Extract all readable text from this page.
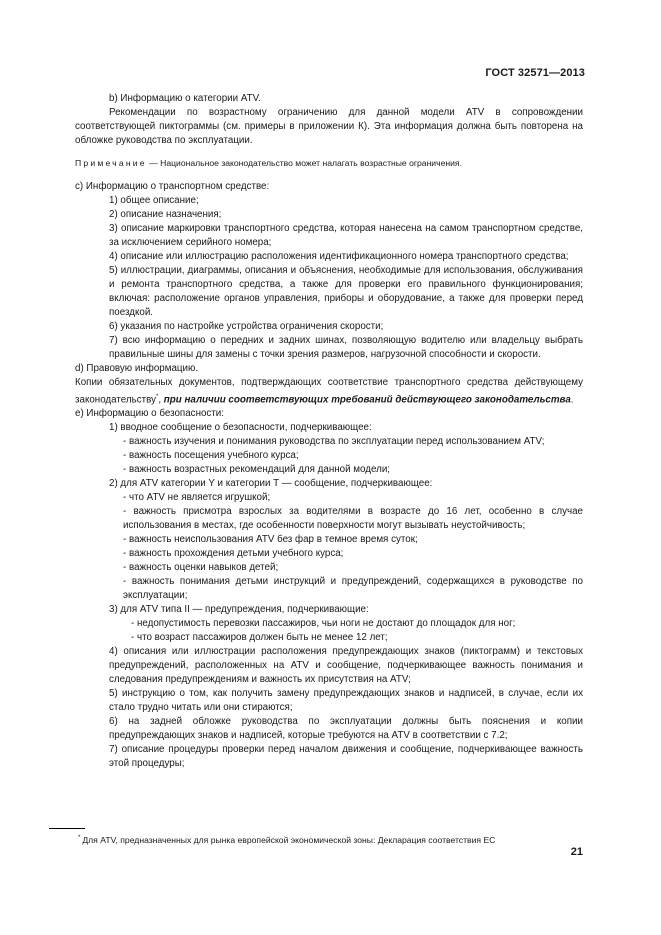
ГОСТ 32571—2013

b) Информацию о категории ATV.

Рекомендации по возрастному ограничению для данной модели ATV в сопровождении соответствующей пиктограммы (см. примеры в приложении К). Эта информация должна быть повторена на обложке руководства по эксплуатации.

Примечание — Национальное законодательство может налагать возрастные ограничения.

c) Информацию о транспортном средстве:

1) общее описание;

2) описание назначения;

3) описание маркировки транспортного средства, которая нанесена на самом транспортном средстве, за исключением серийного номера;

4) описание или иллюстрацию расположения идентификационного номера транспортного средства;

5) иллюстрации, диаграммы, описания и объяснения, необходимые для использования, обслуживания и ремонта транспортного средства, а также для проверки его правильного функционирования; включая: расположение органов управления, приборы и оборудование, а также для проверки перед поездкой.

6) указания по настройке устройства ограничения скорости;

7) всю информацию о передних и задних шинах, позволяющую водителю или владельцу выбрать правильные шины для замены с точки зрения размеров, нагрузочной способности и скорости.

d) Правовую информацию.

Копии обязательных документов, подтверждающих соответствие транспортного средства действующему законодательству*, при наличии соответствующих требований действующего законодательства.

e) Информацию о безопасности:

1) вводное сообщение о безопасности, подчеркивающее:

- важность изучения и понимания руководства по эксплуатации перед использованием ATV;

- важность посещения учебного курса;

- важность возрастных рекомендаций для данной модели;

2) для ATV категории Y и категории T — сообщение, подчеркивающее:

- что ATV не является игрушкой;

- важность присмотра взрослых за водителями в возрасте до 16 лет, особенно в случае использования в местах, где особенности поверхности могут вызывать неустойчивость;

- важность неиспользования ATV без фар в темное время суток;

- важность прохождения детьми учебного курса;

- важность оценки навыков детей;

- важность понимания детьми инструкций и предупреждений, содержащихся в руководстве по эксплуатации;

3) для ATV типа II — предупреждения, подчеркивающие:

- недопустимость перевозки пассажиров, чьи ноги не достают до площадок для ног;

- что возраст пассажиров должен быть не менее 12 лет;

4) описания или иллюстрации расположения предупреждающих знаков (пиктограмм) и текстовых предупреждений, расположенных на ATV и сообщение, подчеркивающее важность понимания и следования предупреждениям и важность их присутствия на ATV;

5) инструкцию о том, как получить замену предупреждающих знаков и надписей, в случае, если их стало трудно читать или они стираются;

6) на задней обложке руководства по эксплуатации должны быть пояснения и копии предупреждающих знаков и надписей, которые требуются на ATV в соответствии с 7.2;

7) описание процедуры проверки перед началом движения и сообщение, подчеркивающее важность этой процедуры;

* Для ATV, предназначенных для рынка европейской экономической зоны: Декларация соответствия ЕС
21
